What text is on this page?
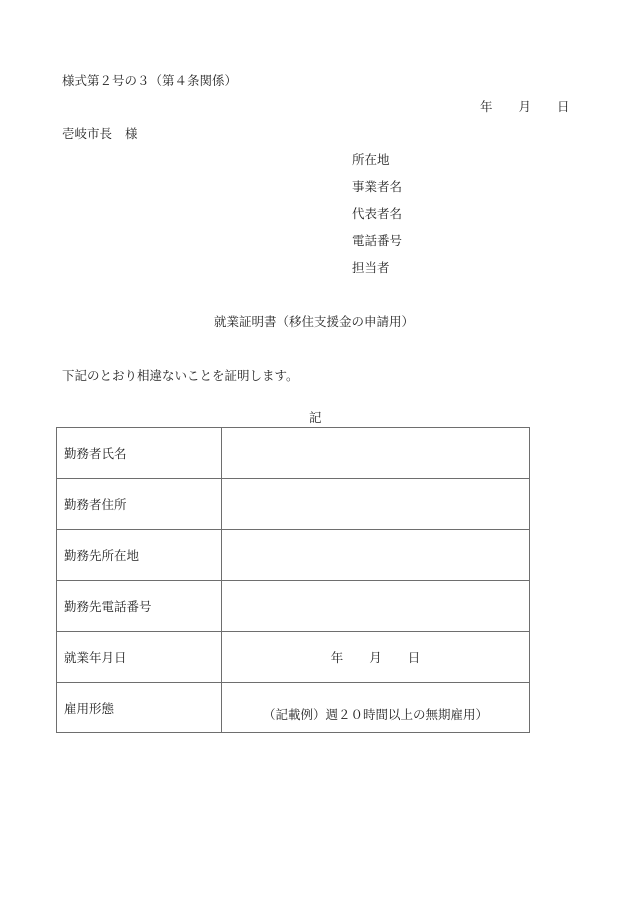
様式第２号の３（第４条関係）
年 月 日
壱岐市長 様
所在地
事業者名
代表者名
電話番号
担当者
就業証明書（移住支援金の申請用）
下記のとおり相違ないことを証明します。
記
勤務者氏名	
勤務者住所	
勤務先所在地	
勤務先電話番号	
就業年月日	年 月 日
雇用形態	（記載例）週２０時間以上の無期雇用）
